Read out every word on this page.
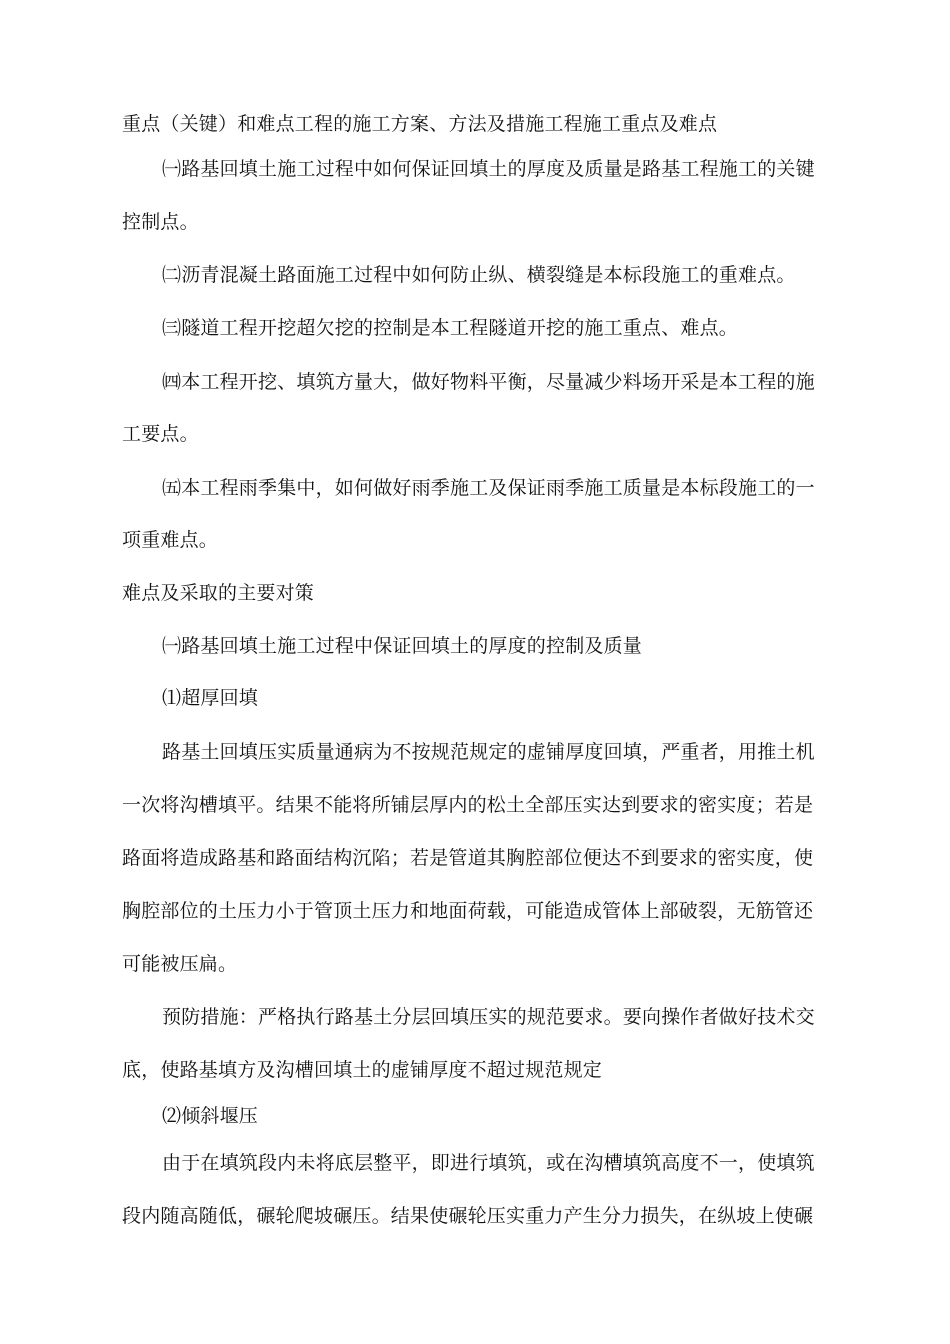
重点（关键）和难点工程的施工方案、方法及措施工程施工重点及难点
㈠路基回填土施工过程中如何保证回填土的厚度及质量是路基工程施工的关键
控制点。
㈡沥青混凝土路面施工过程中如何防止纵、横裂缝是本标段施工的重难点。
㈢隧道工程开挖超欠挖的控制是本工程隧道开挖的施工重点、难点。
㈣本工程开挖、填筑方量大，做好物料平衡，尽量减少料场开采是本工程的施
工要点。
㈤本工程雨季集中，如何做好雨季施工及保证雨季施工质量是本标段施工的一
项重难点。
难点及采取的主要对策
㈠路基回填土施工过程中保证回填土的厚度的控制及质量
⑴超厚回填
路基土回填压实质量通病为不按规范规定的虚铺厚度回填，严重者，用推土机
一次将沟槽填平。结果不能将所铺层厚内的松土全部压实达到要求的密实度；若是
路面将造成路基和路面结构沉陷；若是管道其胸腔部位便达不到要求的密实度，使
胸腔部位的土压力小于管顶土压力和地面荷载，可能造成管体上部破裂，无筋管还
可能被压扁。
预防措施：严格执行路基土分层回填压实的规范要求。要向操作者做好技术交
底，使路基填方及沟槽回填土的虚铺厚度不超过规范规定
⑵倾斜堰压
由于在填筑段内未将底层整平，即进行填筑，或在沟槽填筑高度不一，使填筑
段内随高随低，碾轮爬坡碾压。结果使碾轮压实重力产生分力损失，在纵坡上使碾
